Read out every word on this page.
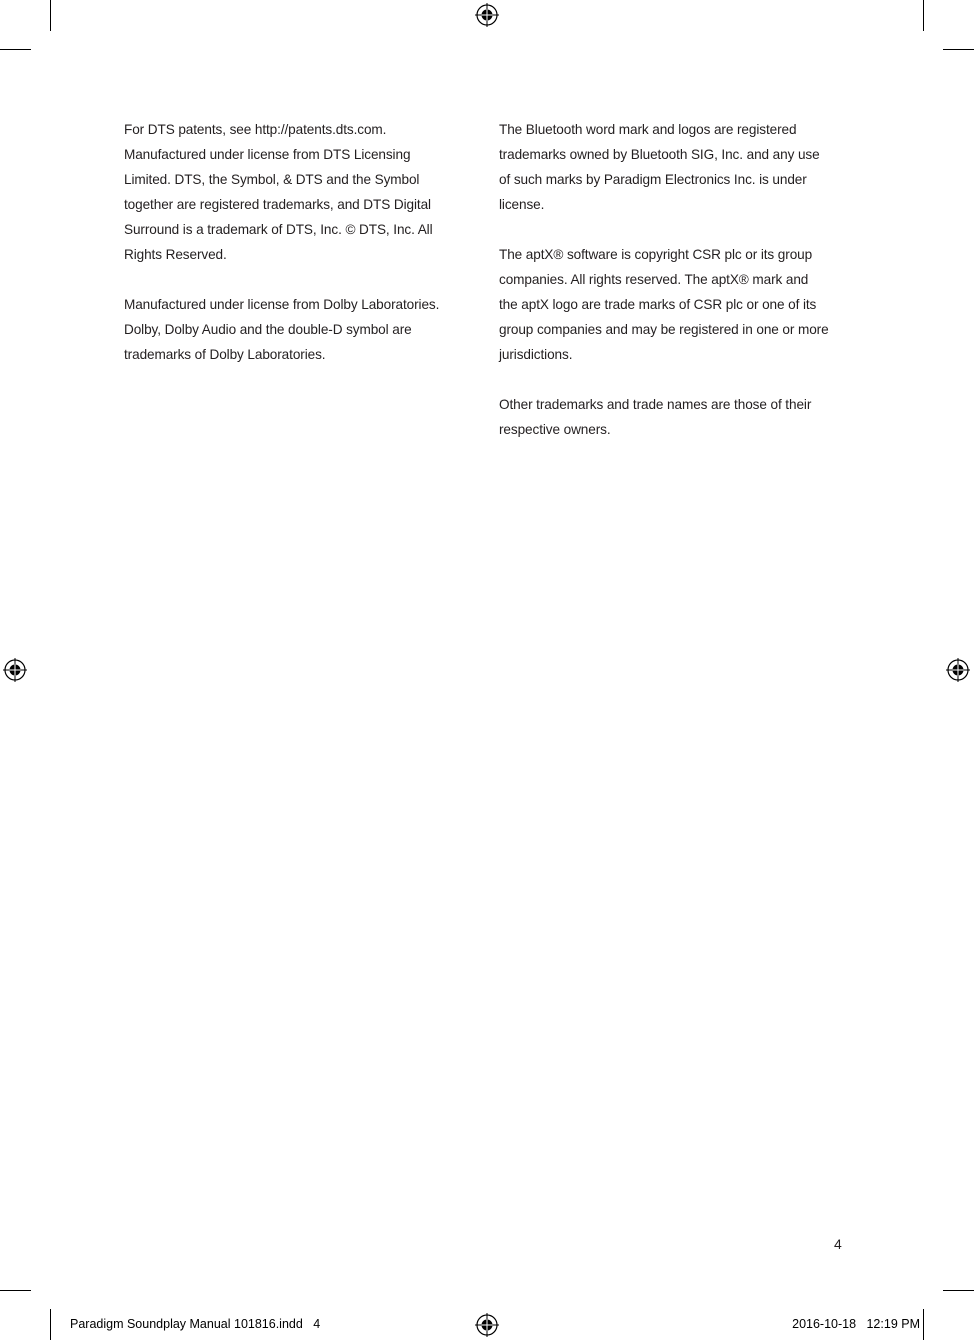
For DTS patents, see http://patents.dts.com.
Manufactured under license from DTS Licensing
Limited. DTS, the Symbol, & DTS and the Symbol
together are registered trademarks, and DTS Digital
Surround is a trademark of DTS, Inc. © DTS, Inc. All
Rights Reserved.

Manufactured under license from Dolby Laboratories.
Dolby, Dolby Audio and the double-D symbol are
trademarks of Dolby Laboratories.

The Bluetooth word mark and logos are registered
trademarks owned by Bluetooth SIG, Inc. and any use
of such marks by Paradigm Electronics Inc. is under
license.

The aptX® software is copyright CSR plc or its group
companies. All rights reserved. The aptX® mark and
the aptX logo are trade marks of CSR plc or one of its
group companies and may be registered in one or more
jurisdictions.

Other trademarks and trade names are those of their
respective owners.

4
Paradigm Soundplay Manual 101816.indd   4	2016-10-18   12:19 PM
